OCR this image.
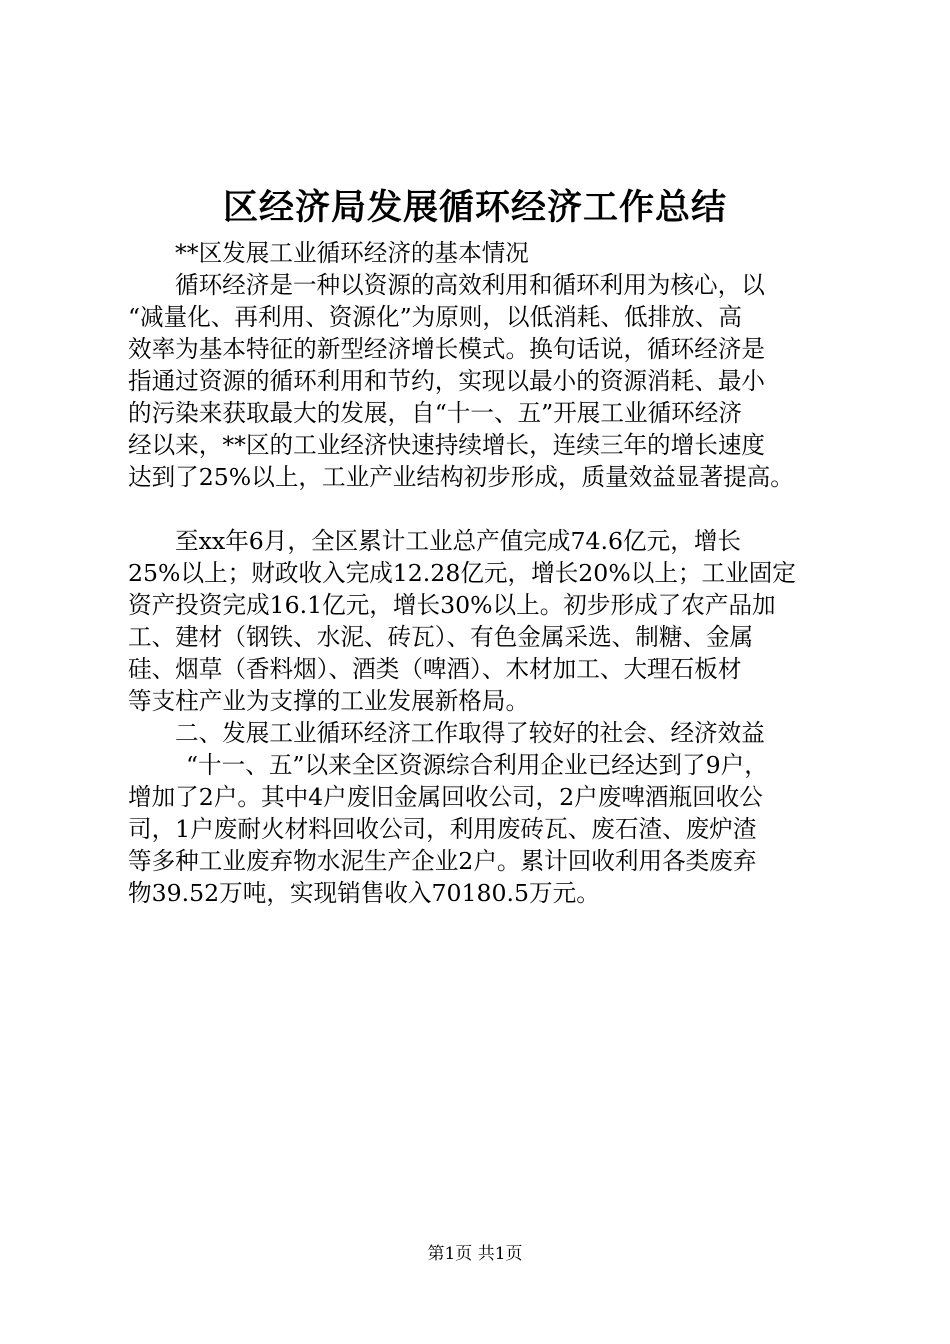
区经济局发展循环经济工作总结
**区发展工业循环经济的基本情况
循环经济是一种以资源的高效利用和循环利用为核心，以
“减量化、再利用、资源化”为原则，以低消耗、低排放、高
效率为基本特征的新型经济增长模式。换句话说，循环经济是
指通过资源的循环利用和节约，实现以最小的资源消耗、最小
的污染来获取最大的发展，自“十一、五”开展工业循环经济
经以来，**区的工业经济快速持续增长，连续三年的增长速度
达到了25%以上，工业产业结构初步形成，质量效益显著提高。
至xx年6月，全区累计工业总产值完成74.6亿元，增长
25%以上；财政收入完成12.28亿元，增长20%以上；工业固定
资产投资完成16.1亿元，增长30%以上。初步形成了农产品加
工、建材（钢铁、水泥、砖瓦）、有色金属采选、制糖、金属
硅、烟草（香料烟）、酒类（啤酒）、木材加工、大理石板材
等支柱产业为支撑的工业发展新格局。
二、发展工业循环经济工作取得了较好的社会、经济效益
“十一、五”以来全区资源综合利用企业已经达到了9户，
增加了2户。其中4户废旧金属回收公司，2户废啤酒瓶回收公
司，1户废耐火材料回收公司，利用废砖瓦、废石渣、废炉渣
等多种工业废弃物水泥生产企业2户。累计回收利用各类废弃
物39.52万吨，实现销售收入70180.5万元。
第1页 共1页
